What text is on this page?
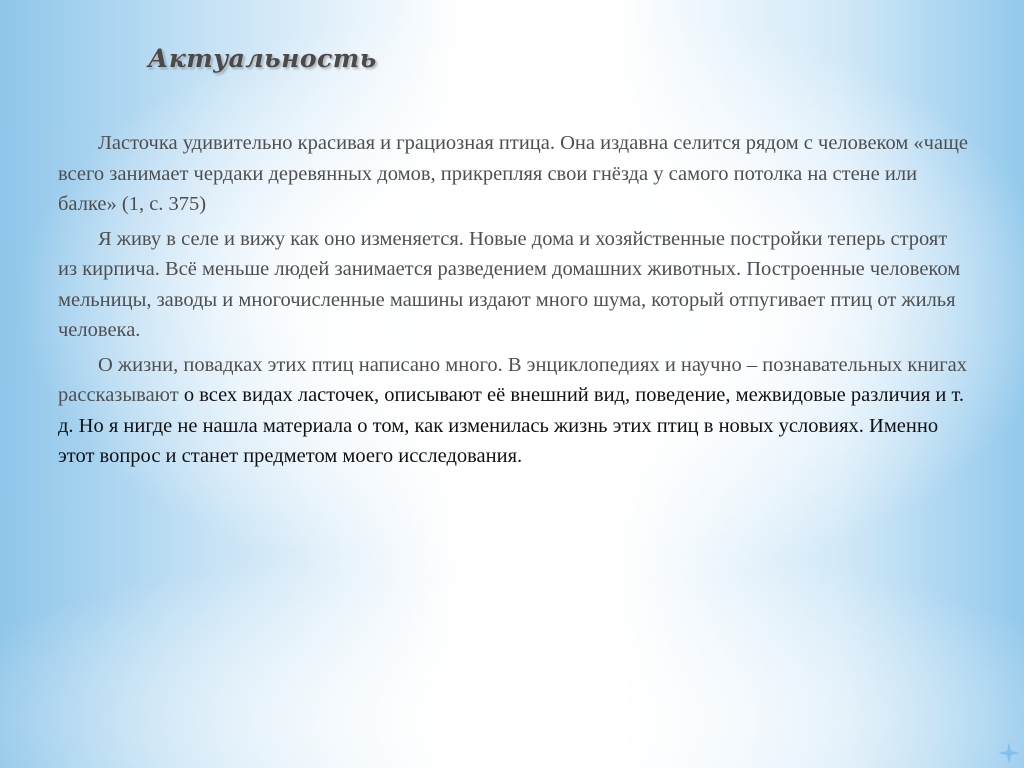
Актуальность

Ласточка удивительно красивая и грациозная птица. Она издавна селится рядом с человеком «чаще всего занимает чердаки деревянных домов, прикрепляя свои гнёзда у самого потолка на стене или балке» (1, с. 375)

Я живу в селе и вижу как оно изменяется. Новые дома и хозяйственные постройки теперь строят из кирпича. Всё меньше людей занимается разведением домашних животных. Построенные человеком мельницы, заводы и многочисленные машины издают много шума, который отпугивает птиц от жилья человека.

О жизни, повадках этих птиц написано много. В энциклопедиях и научно – познавательных книгах рассказывают о всех видах ласточек, описывают её внешний вид, поведение, межвидовые различия и т. д. Но я нигде не нашла материала о том, как изменилась жизнь этих птиц в новых условиях. Именно этот вопрос и станет предметом моего исследования.
